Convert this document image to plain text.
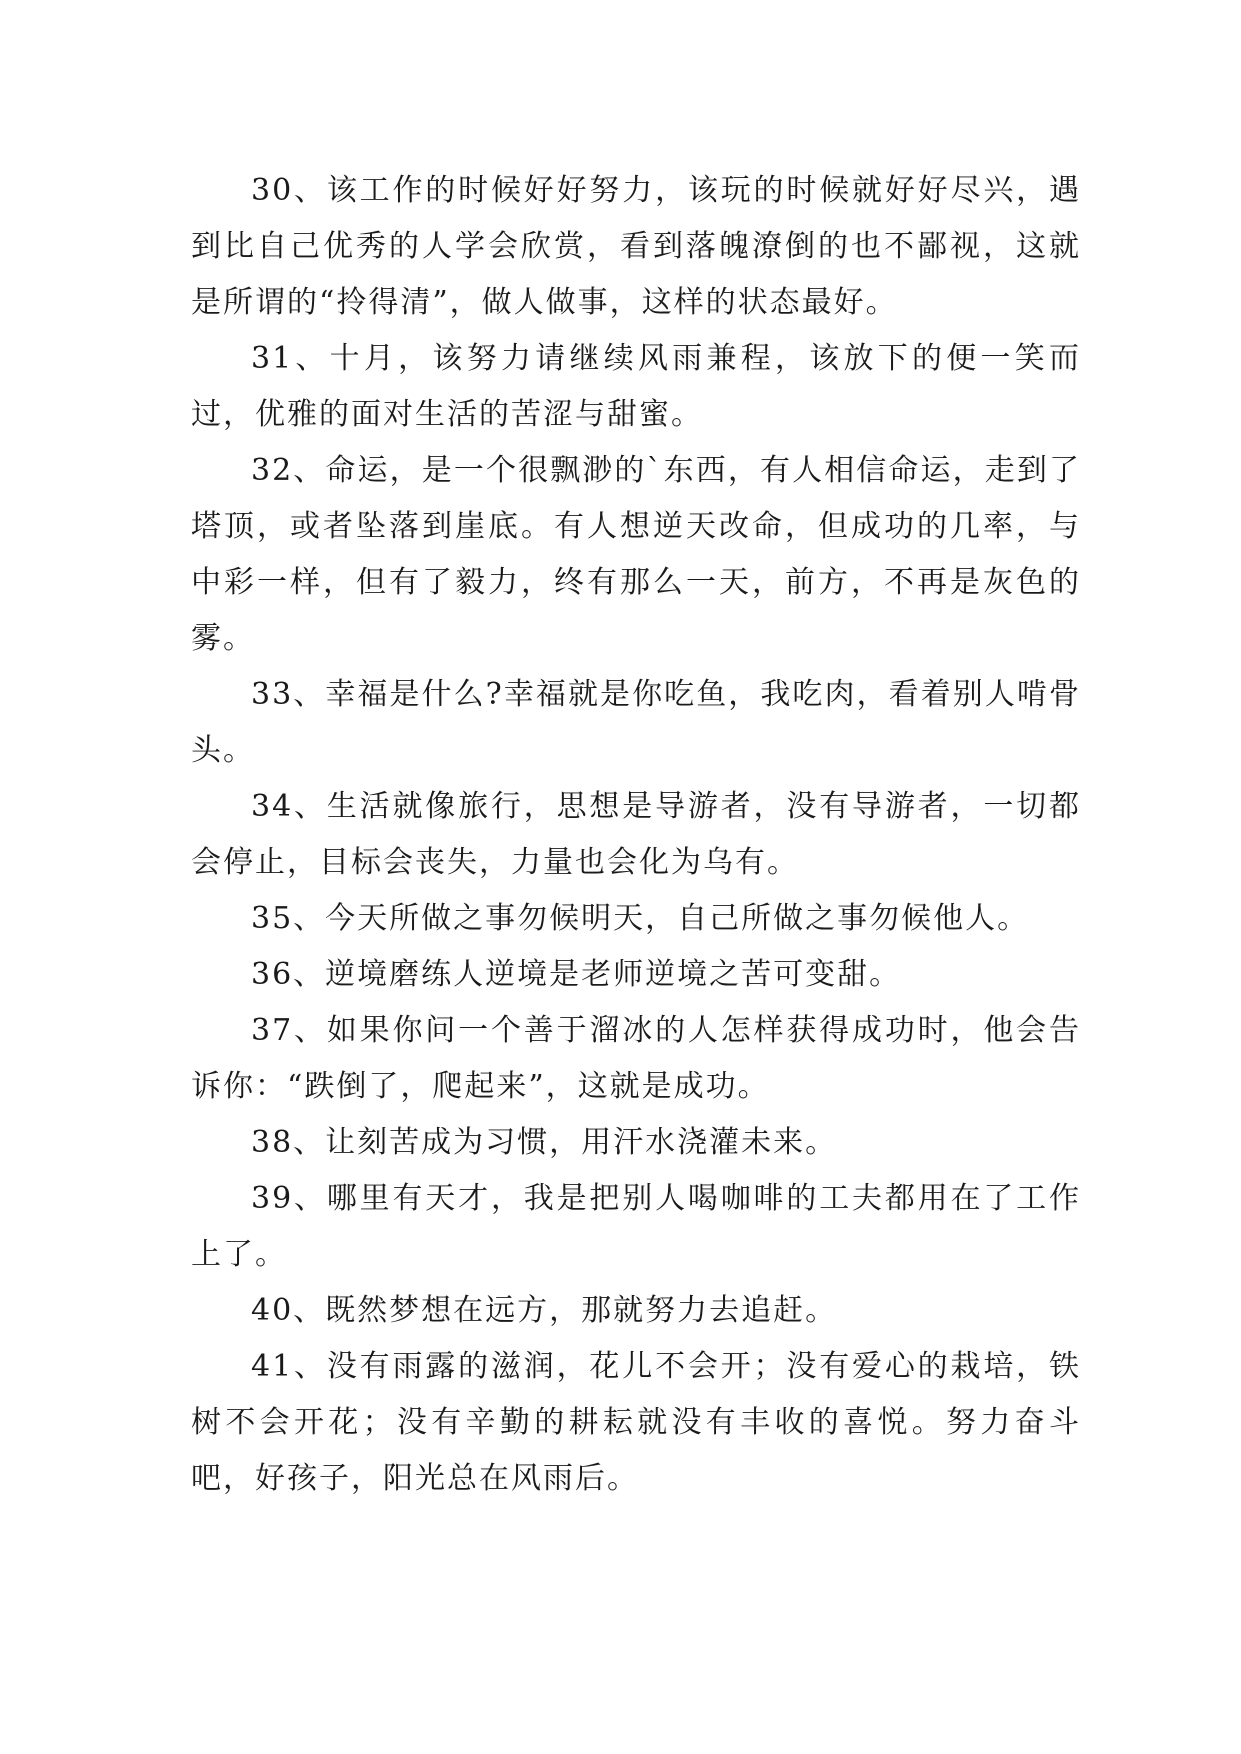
30、该工作的时候好好努力，该玩的时候就好好尽兴，遇到比自己优秀的人学会欣赏，看到落魄潦倒的也不鄙视，这就是所谓的“拎得清”，做人做事，这样的状态最好。

31、十月，该努力请继续风雨兼程，该放下的便一笑而过，优雅的面对生活的苦涩与甜蜜。

32、命运，是一个很飘渺的`东西，有人相信命运，走到了塔顶，或者坠落到崖底。有人想逆天改命，但成功的几率，与中彩一样，但有了毅力，终有那么一天，前方，不再是灰色的雾。

33、幸福是什么?幸福就是你吃鱼，我吃肉，看着别人啃骨头。

34、生活就像旅行，思想是导游者，没有导游者，一切都会停止，目标会丧失，力量也会化为乌有。

35、今天所做之事勿候明天，自己所做之事勿候他人。

36、逆境磨练人逆境是老师逆境之苦可变甜。

37、如果你问一个善于溜冰的人怎样获得成功时，他会告诉你：“跌倒了，爬起来”，这就是成功。

38、让刻苦成为习惯，用汗水浇灌未来。

39、哪里有天才，我是把别人喝咖啡的工夫都用在了工作上了。

40、既然梦想在远方，那就努力去追赶。

41、没有雨露的滋润，花儿不会开；没有爱心的栽培，铁树不会开花；没有辛勤的耕耘就没有丰收的喜悦。努力奋斗吧，好孩子，阳光总在风雨后。
